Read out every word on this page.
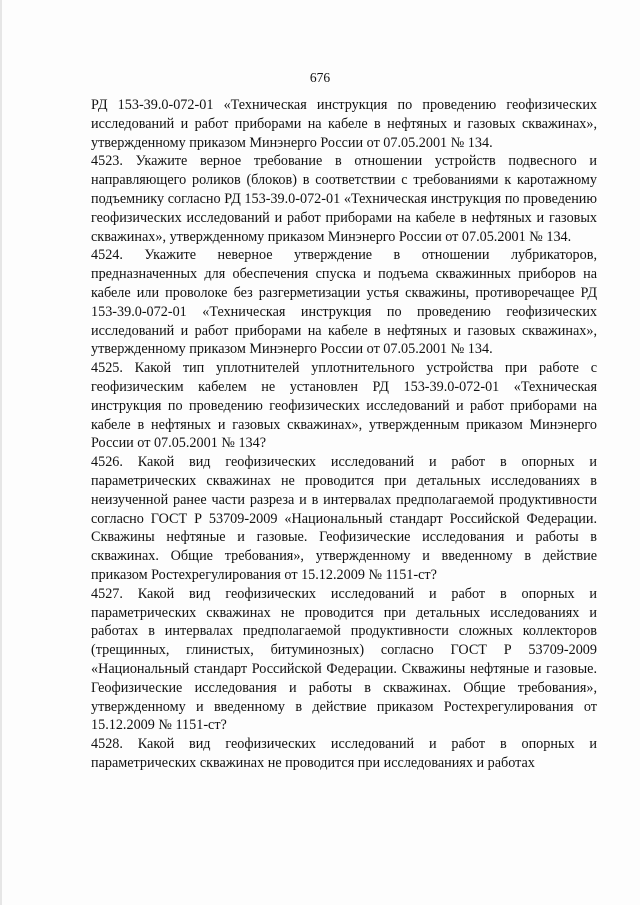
676

РД 153-39.0-072-01 «Техническая инструкция по проведению геофизических исследований и работ приборами на кабеле в нефтяных и газовых скважинах», утвержденному приказом Минэнерго России от 07.05.2001 № 134.

4523. Укажите верное требование в отношении устройств подвесного и направляющего роликов (блоков) в соответствии с требованиями к каротажному подъемнику согласно РД 153-39.0-072-01 «Техническая инструкция по проведению геофизических исследований и работ приборами на кабеле в нефтяных и газовых скважинах», утвержденному приказом Минэнерго России от 07.05.2001 № 134.

4524. Укажите неверное утверждение в отношении лубрикаторов, предназначенных для обеспечения спуска и подъема скважинных приборов на кабеле или проволоке без разгерметизации устья скважины, противоречащее РД 153-39.0-072-01 «Техническая инструкция по проведению геофизических исследований и работ приборами на кабеле в нефтяных и газовых скважинах», утвержденному приказом Минэнерго России от 07.05.2001 № 134.

4525. Какой тип уплотнителей уплотнительного устройства при работе с геофизическим кабелем не установлен РД 153-39.0-072-01 «Техническая инструкция по проведению геофизических исследований и работ приборами на кабеле в нефтяных и газовых скважинах», утвержденным приказом Минэнерго России от 07.05.2001 № 134?

4526. Какой вид геофизических исследований и работ в опорных и параметрических скважинах не проводится при детальных исследованиях в неизученной ранее части разреза и в интервалах предполагаемой продуктивности согласно ГОСТ Р 53709-2009 «Национальный стандарт Российской Федерации. Скважины нефтяные и газовые. Геофизические исследования и работы в скважинах. Общие требования», утвержденному и введенному в действие приказом Ростехрегулирования от 15.12.2009 № 1151-ст?

4527. Какой вид геофизических исследований и работ в опорных и параметрических скважинах не проводится при детальных исследованиях и работах в интервалах предполагаемой продуктивности сложных коллекторов (трещинных, глинистых, битуминозных) согласно ГОСТ Р 53709-2009 «Национальный стандарт Российской Федерации. Скважины нефтяные и газовые. Геофизические исследования и работы в скважинах. Общие требования», утвержденному и введенному в действие приказом Ростехрегулирования от 15.12.2009 № 1151-ст?

4528. Какой вид геофизических исследований и работ в опорных и параметрических скважинах не проводится при исследованиях и работах
